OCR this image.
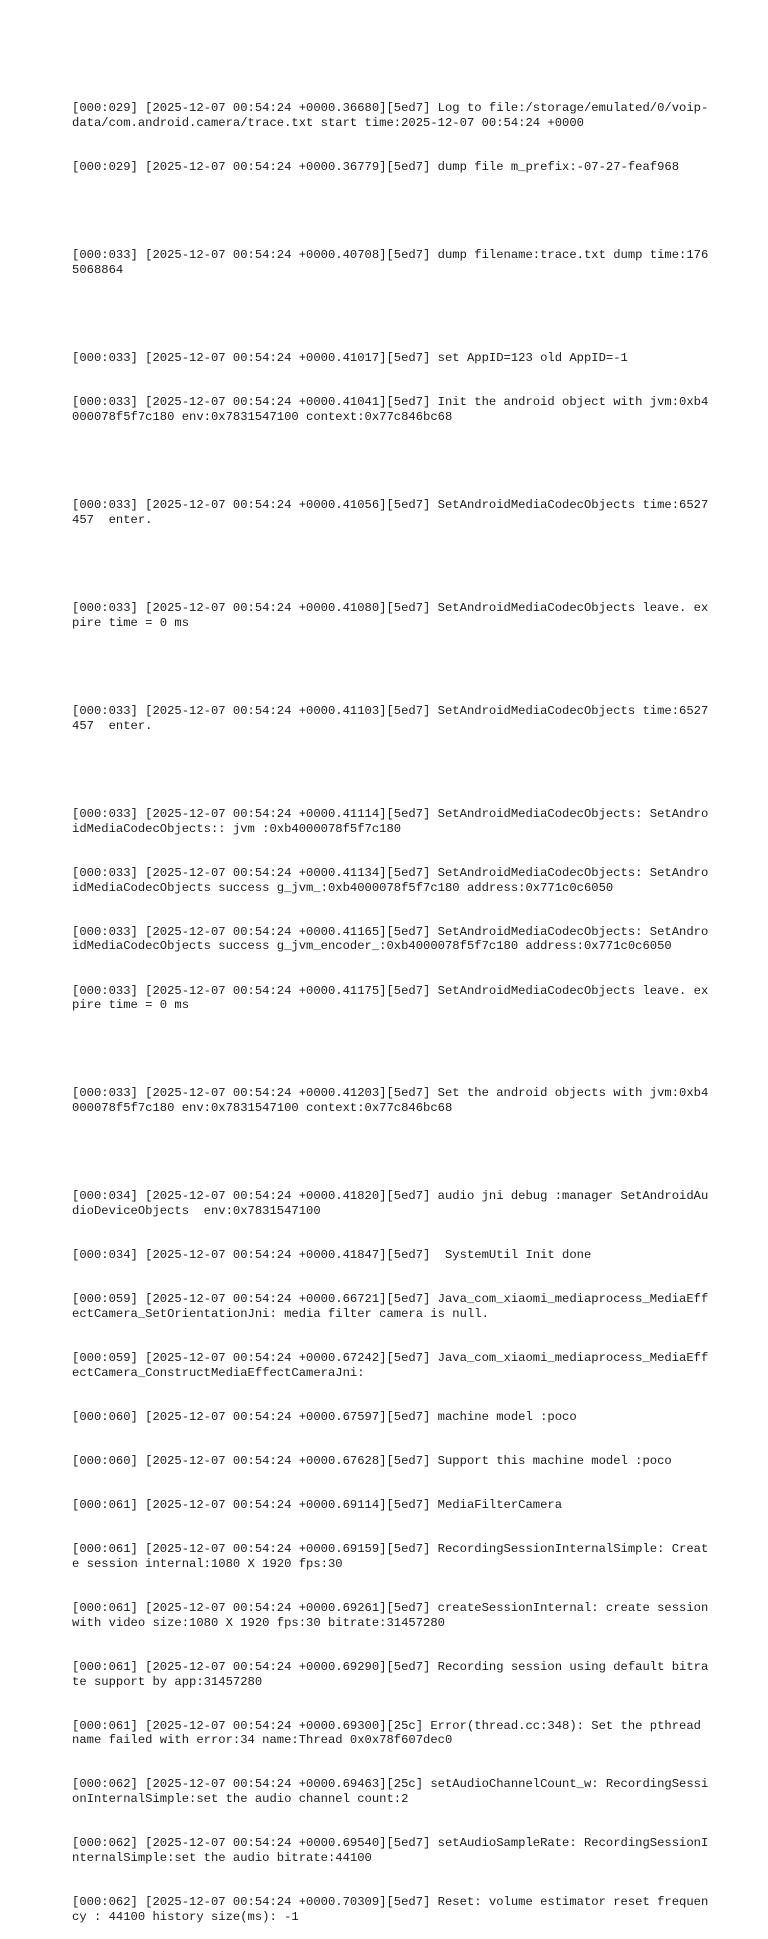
[000:029] [2025-12-07 00:54:24 +0000.36680][5ed7] Log to file:/storage/emulated/0/voip-data/com.android.camera/trace.txt start time:2025-12-07 00:54:24 +0000

[000:029] [2025-12-07 00:54:24 +0000.36779][5ed7] dump file m_prefix:-07-27-feaf968

[000:033] [2025-12-07 00:54:24 +0000.40708][5ed7] dump filename:trace.txt dump time:1765068864

[000:033] [2025-12-07 00:54:24 +0000.41017][5ed7] set AppID=123 old AppID=-1

[000:033] [2025-12-07 00:54:24 +0000.41041][5ed7] Init the android object with jvm:0xb4000078f5f7c180 env:0x7831547100 context:0x77c846bc68

[000:033] [2025-12-07 00:54:24 +0000.41056][5ed7] SetAndroidMediaCodecObjects time:6527457  enter.

[000:033] [2025-12-07 00:54:24 +0000.41080][5ed7] SetAndroidMediaCodecObjects leave. expire time = 0 ms

[000:033] [2025-12-07 00:54:24 +0000.41103][5ed7] SetAndroidMediaCodecObjects time:6527457  enter.

[000:033] [2025-12-07 00:54:24 +0000.41114][5ed7] SetAndroidMediaCodecObjects: SetAndroidMediaCodecObjects:: jvm :0xb4000078f5f7c180

[000:033] [2025-12-07 00:54:24 +0000.41134][5ed7] SetAndroidMediaCodecObjects: SetAndroidMediaCodecObjects success g_jvm_:0xb4000078f5f7c180 address:0x771c0c6050

[000:033] [2025-12-07 00:54:24 +0000.41165][5ed7] SetAndroidMediaCodecObjects: SetAndroidMediaCodecObjects success g_jvm_encoder_:0xb4000078f5f7c180 address:0x771c0c6050

[000:033] [2025-12-07 00:54:24 +0000.41175][5ed7] SetAndroidMediaCodecObjects leave. expire time = 0 ms

[000:033] [2025-12-07 00:54:24 +0000.41203][5ed7] Set the android objects with jvm:0xb4000078f5f7c180 env:0x7831547100 context:0x77c846bc68

[000:034] [2025-12-07 00:54:24 +0000.41820][5ed7] audio jni debug :manager SetAndroidAudioDeviceObjects  env:0x7831547100

[000:034] [2025-12-07 00:54:24 +0000.41847][5ed7]  SystemUtil Init done

[000:059] [2025-12-07 00:54:24 +0000.66721][5ed7] Java_com_xiaomi_mediaprocess_MediaEffectCamera_SetOrientationJni: media filter camera is null.

[000:059] [2025-12-07 00:54:24 +0000.67242][5ed7] Java_com_xiaomi_mediaprocess_MediaEffectCamera_ConstructMediaEffectCameraJni:

[000:060] [2025-12-07 00:54:24 +0000.67597][5ed7] machine model :poco

[000:060] [2025-12-07 00:54:24 +0000.67628][5ed7] Support this machine model :poco

[000:061] [2025-12-07 00:54:24 +0000.69114][5ed7] MediaFilterCamera

[000:061] [2025-12-07 00:54:24 +0000.69159][5ed7] RecordingSessionInternalSimple: Create session internal:1080 X 1920 fps:30

[000:061] [2025-12-07 00:54:24 +0000.69261][5ed7] createSessionInternal: create session with video size:1080 X 1920 fps:30 bitrate:31457280

[000:061] [2025-12-07 00:54:24 +0000.69290][5ed7] Recording session using default bitrate support by app:31457280

[000:061] [2025-12-07 00:54:24 +0000.69300][25c] Error(thread.cc:348): Set the pthread name failed with error:34 name:Thread 0x0x78f607dec0

[000:062] [2025-12-07 00:54:24 +0000.69463][25c] setAudioChannelCount_w: RecordingSessionInternalSimple:set the audio channel count:2

[000:062] [2025-12-07 00:54:24 +0000.69540][5ed7] setAudioSampleRate: RecordingSessionInternalSimple:set the audio bitrate:44100

[000:062] [2025-12-07 00:54:24 +0000.70309][5ed7] Reset: volume estimator reset frequency : 44100 history size(ms): -1
